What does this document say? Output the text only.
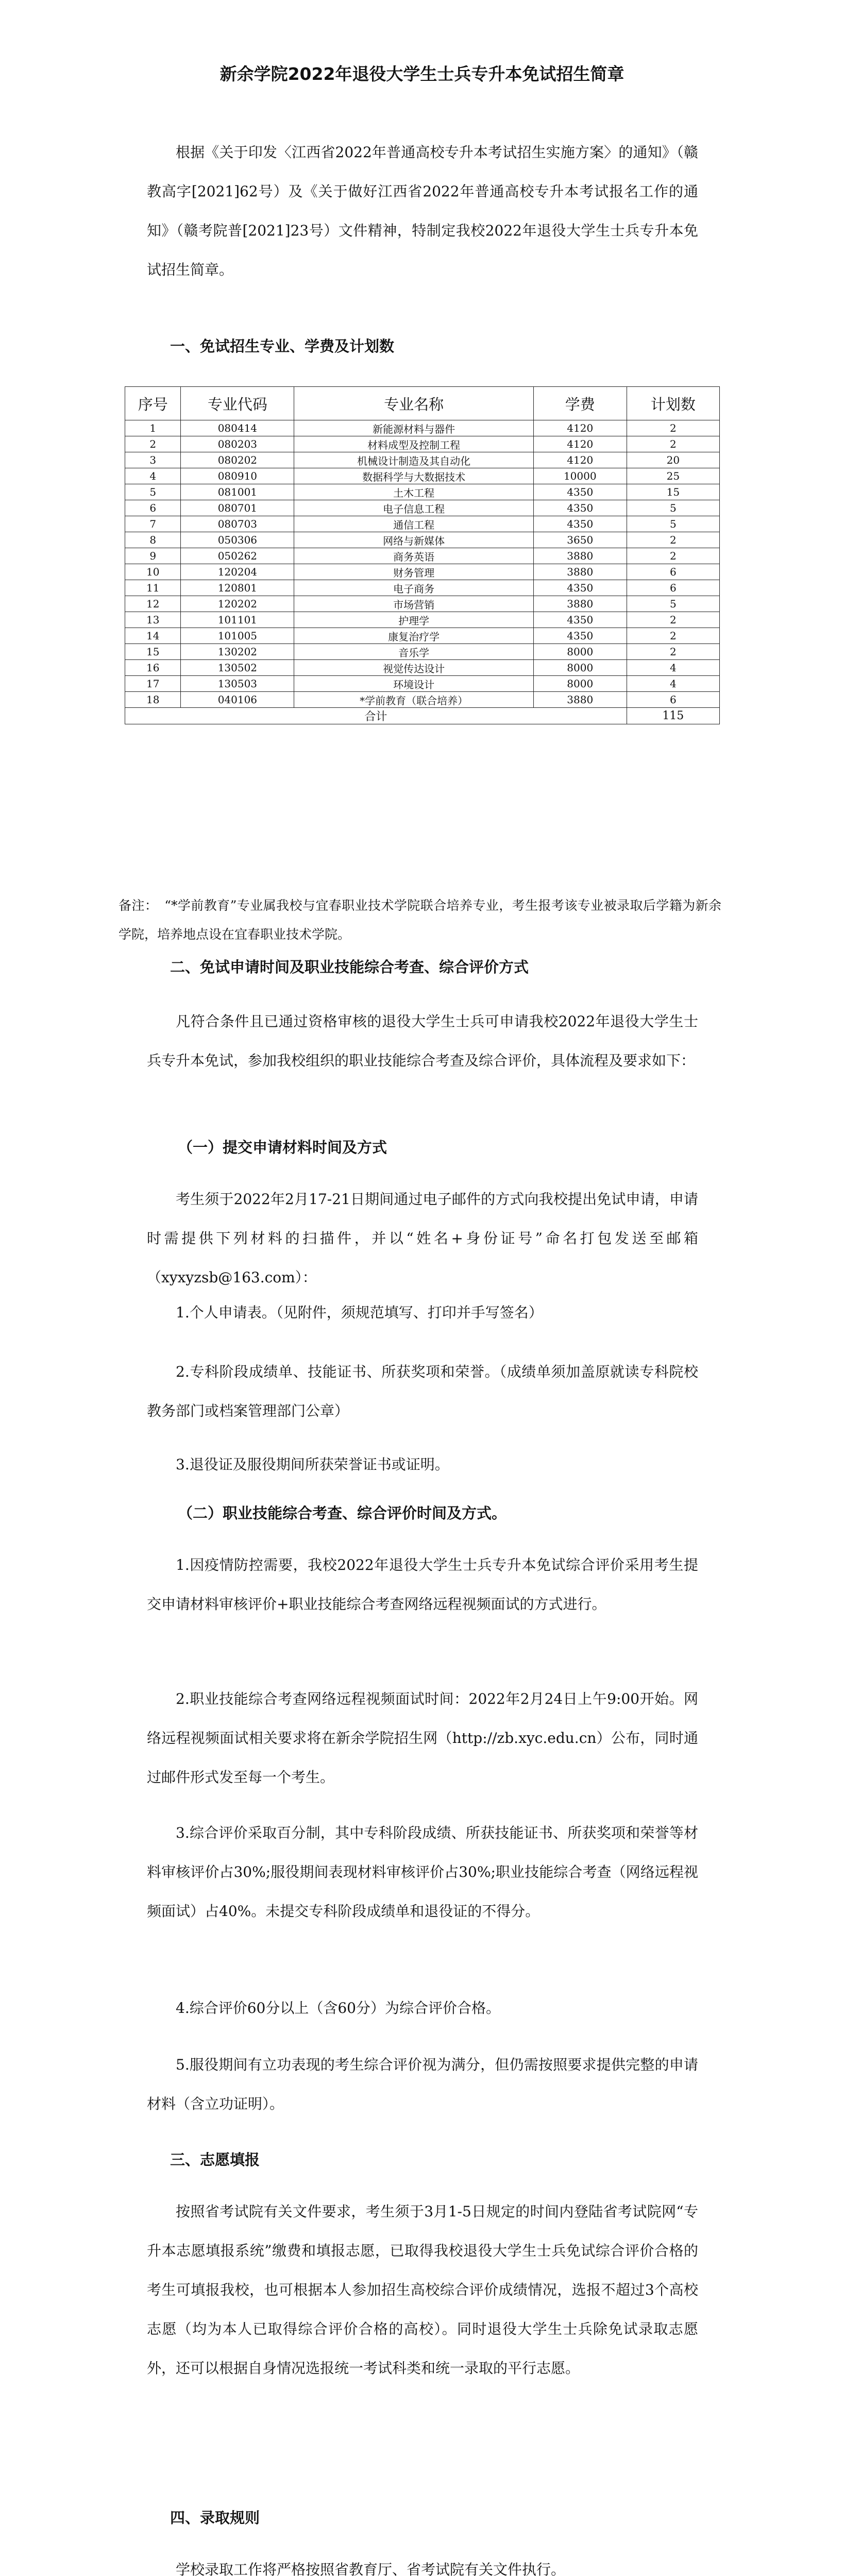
新余学院2022年退役大学生士兵专升本免试招生简章
根据《关于印发〈江西省2022年普通高校专升本考试招生实施方案〉的通知》（赣教高字[2021]62号）及《关于做好江西省2022年普通高校专升本考试报名工作的通知》（赣考院普[2021]23号）文件精神，特制定我校2022年退役大学生士兵专升本免试招生简章。
一、免试招生专业、学费及计划数
序号	专业代码	专业名称	学费	计划数
1	080414	新能源材料与器件	4120	2
2	080203	材料成型及控制工程	4120	2
3	080202	机械设计制造及其自动化	4120	20
4	080910	数据科学与大数据技术	10000	25
5	081001	土木工程	4350	15
6	080701	电子信息工程	4350	5
7	080703	通信工程	4350	5
8	050306	网络与新媒体	3650	2
9	050262	商务英语	3880	2
10	120204	财务管理	3880	6
11	120801	电子商务	4350	6
12	120202	市场营销	3880	5
13	101101	护理学	4350	2
14	101005	康复治疗学	4350	2
15	130202	音乐学	8000	2
16	130502	视觉传达设计	8000	4
17	130503	环境设计	8000	4
18	040106	*学前教育（联合培养）	3880	6
合计				115
备注：　“*学前教育”专业属我校与宜春职业技术学院联合培养专业，考生报考该专业被录取后学籍为新余学院，培养地点设在宜春职业技术学院。
二、免试申请时间及职业技能综合考查、综合评价方式
凡符合条件且已通过资格审核的退役大学生士兵可申请我校2022年退役大学生士兵专升本免试，参加我校组织的职业技能综合考查及综合评价，具体流程及要求如下：
（一）提交申请材料时间及方式
考生须于2022年2月17-21日期间通过电子邮件的方式向我校提出免试申请，申请时需提供下列材料的扫描件，并以“姓名+身份证号”命名打包发送至邮箱（xyxyzsb@163.com）：
1.个人申请表。（见附件，须规范填写、打印并手写签名）
2.专科阶段成绩单、技能证书、所获奖项和荣誉。（成绩单须加盖原就读专科院校教务部门或档案管理部门公章）
3.退役证及服役期间所获荣誉证书或证明。
（二）职业技能综合考查、综合评价时间及方式。
1.因疫情防控需要，我校2022年退役大学生士兵专升本免试综合评价采用考生提交申请材料审核评价+职业技能综合考查网络远程视频面试的方式进行。
2.职业技能综合考查网络远程视频面试时间：2022年2月24日上午9:00开始。网络远程视频面试相关要求将在新余学院招生网（http://zb.xyc.edu.cn）公布，同时通过邮件形式发至每一个考生。
3.综合评价采取百分制，其中专科阶段成绩、所获技能证书、所获奖项和荣誉等材料审核评价占30%;服役期间表现材料审核评价占30%;职业技能综合考查（网络远程视频面试）占40%。未提交专科阶段成绩单和退役证的不得分。
4.综合评价60分以上（含60分）为综合评价合格。
5.服役期间有立功表现的考生综合评价视为满分，但仍需按照要求提供完整的申请材料（含立功证明）。
三、志愿填报
按照省考试院有关文件要求，考生须于3月1-5日规定的时间内登陆省考试院网“专升本志愿填报系统”缴费和填报志愿，已取得我校退役大学生士兵免试综合评价合格的考生可填报我校，也可根据本人参加招生高校综合评价成绩情况，选报不超过3个高校志愿（均为本人已取得综合评价合格的高校）。同时退役大学生士兵除免试录取志愿外，还可以根据自身情况选报统一考试科类和统一录取的平行志愿。
四、录取规则
学校录取工作将严格按照省教育厅、省考试院有关文件执行。
